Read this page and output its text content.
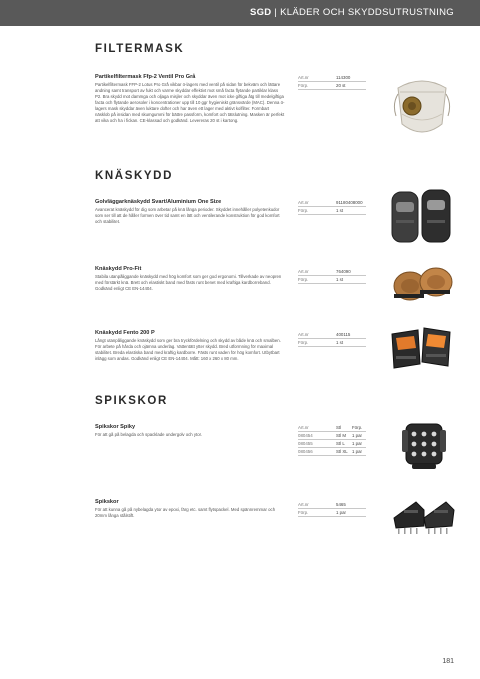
SGD | KLÄDER OCH SKYDDSUTRUSTNING
FILTERMASK
Partikelfiltermask Ffp-2 Ventil Pro Grå
Partikelfiltermask FFP-2 Lotus Pro Grå vikbar ö-lagers med ventil på sidan för bekväm och lättare andning samt transport av fukt och varme skyddar effektivt mot små facta flytande partiklar klass P2. Bra skydd mot dammga och oljaga misjler och skyddar även mot icke giftiga åtg till medelgiftiga facta och flytande aerosoler i koncentrationer upp till 10 ggr hygieniskt gränsvärde (MAC). Denna ö-lagers mask skyddar även luktare dofter och har även ett lager med aktivt kolfilter. Formbart näsklob på insidan med skumgummi för bättre passform, komfort och tätslutning. Masken är perfekt att vika och ha i fickan. CE-klassad och godkänd. Levereras 20 st i kartong.
Art.nr	114300
Förp.	20 st
KNÄSKYDD
Golvläggarknäskydd Svart/Aluminium One Size
Avancerat knäskydd för dig som arbetar på knä långa perioder. Skyddet innehåller polyetenkudor som ser till att de håller formen över tid samt en lätt och ventilerande konstruktion för god komfort och stabilitet.
Art.nr	91180408000
Förp.	1 st
Knäskydd Pro-Fit
Stabila utanpåliggande knäskydd med hög komfort som ger god ergonomi. Tillverkade av neopren med förstärkt knä. Brett och elastiskt band med fästs runt benet med kraftiga kardborreband. Godkänd enligt CE EN-14404.
Art.nr	764090
Förp.	1 st
Knäskydd Fento 200 P
Långt utanpåliggande knäskydd som ger bra tryckfördelning och skydd av både knä och smalben. För arbete på hårda och ojämna underlag. Vattentätt ytter skydd. Bred utformning för maximal stabilitet. Breda elastiska band med kraftig kardborre. Fästs runt vaden för hög komfort. Utbytbart inlägg som andas. Godkänd enligt CE EN-14404. Mått: 160 x 260 x 80 mm.
Art.nr	400115
Förp.	1 st
SPIKSKOR
Spikskor Spiky
För att gå på belagda och spacklade undergolv och ytor.
Art.nr	Stl	Förp.
080454	Stl M	1 par
080455	Stl L	1 par
080456	Stl XL	1 par
Spikskor
För att kunna gå på nybelagda ytor av epoxi, färg etc. samt flytspackel. Med spännremmar och 20mm långa stålstift.
Art.nr	5465
Förp.	1 par
181
